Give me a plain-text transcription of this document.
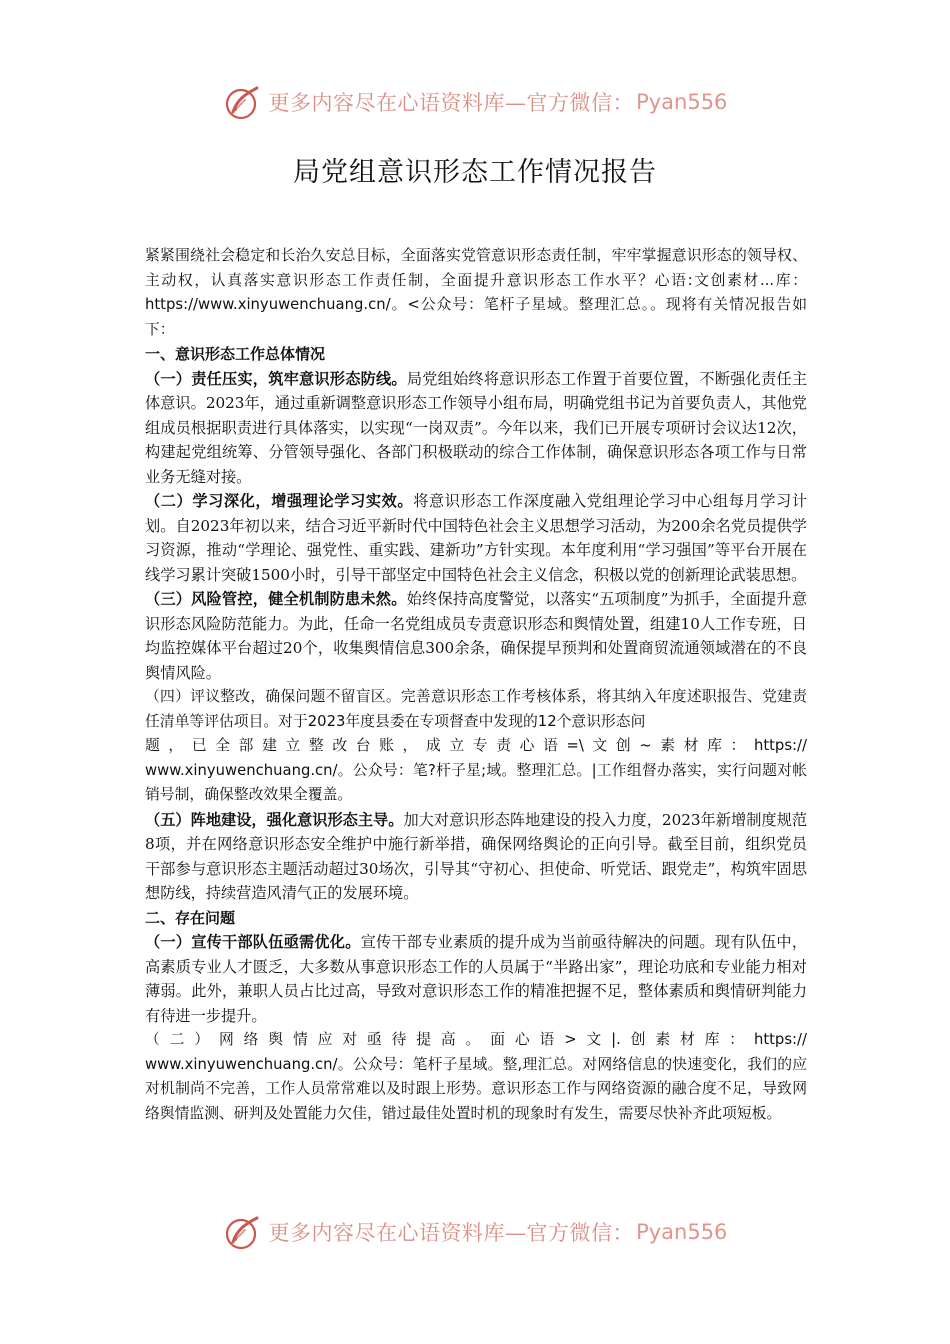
更多内容尽在心语资料库—官方微信： Pyan556
局党组意识形态工作情况报告

紧紧围绕社会稳定和长治久安总目标，全面落实党管意识形态责任制，牢牢掌握意识形态的领导权、主动权，认真落实意识形态工作责任制，全面提升意识形态工作水平？心语:文创素材...库：https://www.xinyuwenchuang.cn/。<公众号：笔杆子星域。整理汇总。。现将有关情况报告如下：

一、意识形态工作总体情况

（一）责任压实，筑牢意识形态防线。局党组始终将意识形态工作置于首要位置，不断强化责任主体意识。2023年，通过重新调整意识形态工作领导小组布局，明确党组书记为首要负责人，其他党组成员根据职责进行具体落实，以实现“一岗双责”。今年以来，我们已开展专项研讨会议达12次，构建起党组统筹、分管领导强化、各部门积极联动的综合工作体制，确保意识形态各项工作与日常业务无缝对接。

（二）学习深化，增强理论学习实效。将意识形态工作深度融入党组理论学习中心组每月学习计划。自2023年初以来，结合习近平新时代中国特色社会主义思想学习活动，为200余名党员提供学习资源，推动“学理论、强党性、重实践、建新功”方针实现。本年度利用“学习强国”等平台开展在线学习累计突破1500小时，引导干部坚定中国特色社会主义信念，积极以党的创新理论武装思想。

（三）风险管控，健全机制防患未然。始终保持高度警觉，以落实“五项制度”为抓手，全面提升意识形态风险防范能力。为此，任命一名党组成员专责意识形态和舆情处置，组建10人工作专班，日均监控媒体平台超过20个，收集舆情信息300余条，确保提早预判和处置商贸流通领域潜在的不良舆情风险。

（四）评议整改，确保问题不留盲区。完善意识形态工作考核体系，将其纳入年度述职报告、党建责任清单等评估项目。对于2023年度县委在专项督查中发现的12个意识形态问

题，已全部建立整改台账，成立专责心语=\文创~素材库：https://

www.xinyuwenchuang.cn/。公众号：笔?杆子星;域。整理汇总。|工作组督办落实，实行问题对帐销号制，确保整改效果全覆盖。

（五）阵地建设，强化意识形态主导。加大对意识形态阵地建设的投入力度，2023年新增制度规范8项，并在网络意识形态安全维护中施行新举措，确保网络舆论的正向引导。截至目前，组织党员干部参与意识形态主题活动超过30场次，引导其“守初心、担使命、听党话、跟党走”，构筑牢固思想防线，持续营造风清气正的发展环境。

二、存在问题

（一）宣传干部队伍亟需优化。宣传干部专业素质的提升成为当前亟待解决的问题。现有队伍中，高素质专业人才匮乏，大多数从事意识形态工作的人员属于“半路出家”，理论功底和专业能力相对薄弱。此外，兼职人员占比过高，导致对意识形态工作的精准把握不足，整体素质和舆情研判能力有待进一步提升。

（二）网络舆情应对亟待提高。面心语>文|.创素材库：https://

www.xinyuwenchuang.cn/。公众号：笔杆子星域。整,理汇总。对网络信息的快速变化，我们的应对机制尚不完善，工作人员常常难以及时跟上形势。意识形态工作与网络资源的融合度不足，导致网络舆情监测、研判及处置能力欠佳，错过最佳处置时机的现象时有发生，需要尽快补齐此项短板。

更多内容尽在心语资料库—官方微信： Pyan556
